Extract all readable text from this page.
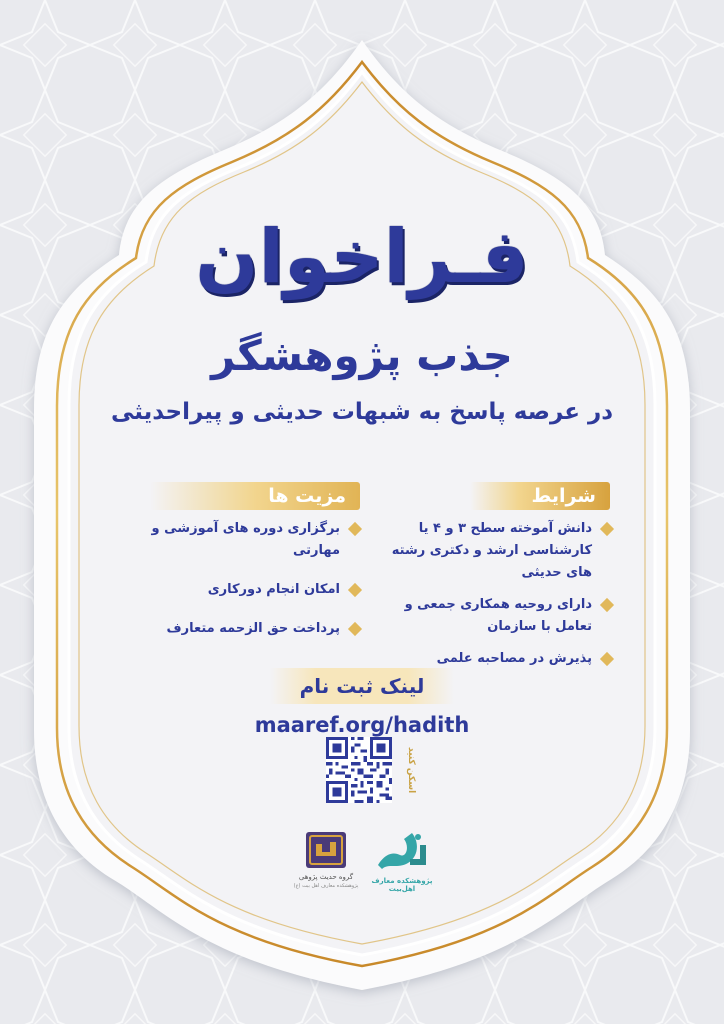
فـراخوان
جذب پژوهشگر
در عرصه پاسخ به شبهات حدیثی و پیراحدیثی
شرایط
دانش آموخته سطح ۳ و ۴ یا کارشناسی ارشد و دکتری رشته های حدیثی
دارای روحیه همکاری جمعی و تعامل با سازمان
پذیرش در مصاحبه علمی
مزیت ها
برگزاری دوره های آموزشی و مهارتی
امکان انجام دورکاری
پرداخت حق الزحمه متعارف
لینک ثبت نام
maaref.org/hadith
اسکن کنید
گروه حدیث پژوهی
پژوهشکده معارف اهل بیت (ع)
پژوهشکده معارف اهل‌بیت
